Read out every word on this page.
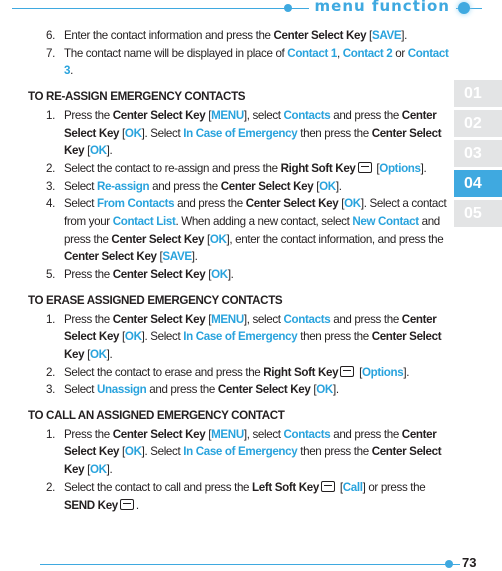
menu function
6. Enter the contact information and press the Center Select Key [SAVE].
7. The contact name will be displayed in place of Contact 1, Contact 2 or Contact 3.
TO RE-ASSIGN EMERGENCY CONTACTS
1. Press the Center Select Key [MENU], select Contacts and press the Center Select Key [OK]. Select In Case of Emergency then press the Center Select Key [OK].
2. Select the contact to re-assign and press the Right Soft Key [Options].
3. Select Re-assign and press the Center Select Key [OK].
4. Select From Contacts and press the Center Select Key [OK]. Select a contact from your Contact List. When adding a new contact, select New Contact and press the Center Select Key [OK], enter the contact information, and press the Center Select Key [SAVE].
5. Press the Center Select Key [OK].
TO ERASE ASSIGNED EMERGENCY CONTACTS
1. Press the Center Select Key [MENU], select Contacts and press the Center Select Key [OK]. Select In Case of Emergency then press the Center Select Key [OK].
2. Select the contact to erase and press the Right Soft Key [Options].
3. Select Unassign and press the Center Select Key [OK].
TO CALL AN ASSIGNED EMERGENCY CONTACT
1. Press the Center Select Key [MENU], select Contacts and press the Center Select Key [OK]. Select In Case of Emergency then press the Center Select Key [OK].
2. Select the contact to call and press the Left Soft Key [Call] or press the SEND Key .
01
02
03
04
05
73
